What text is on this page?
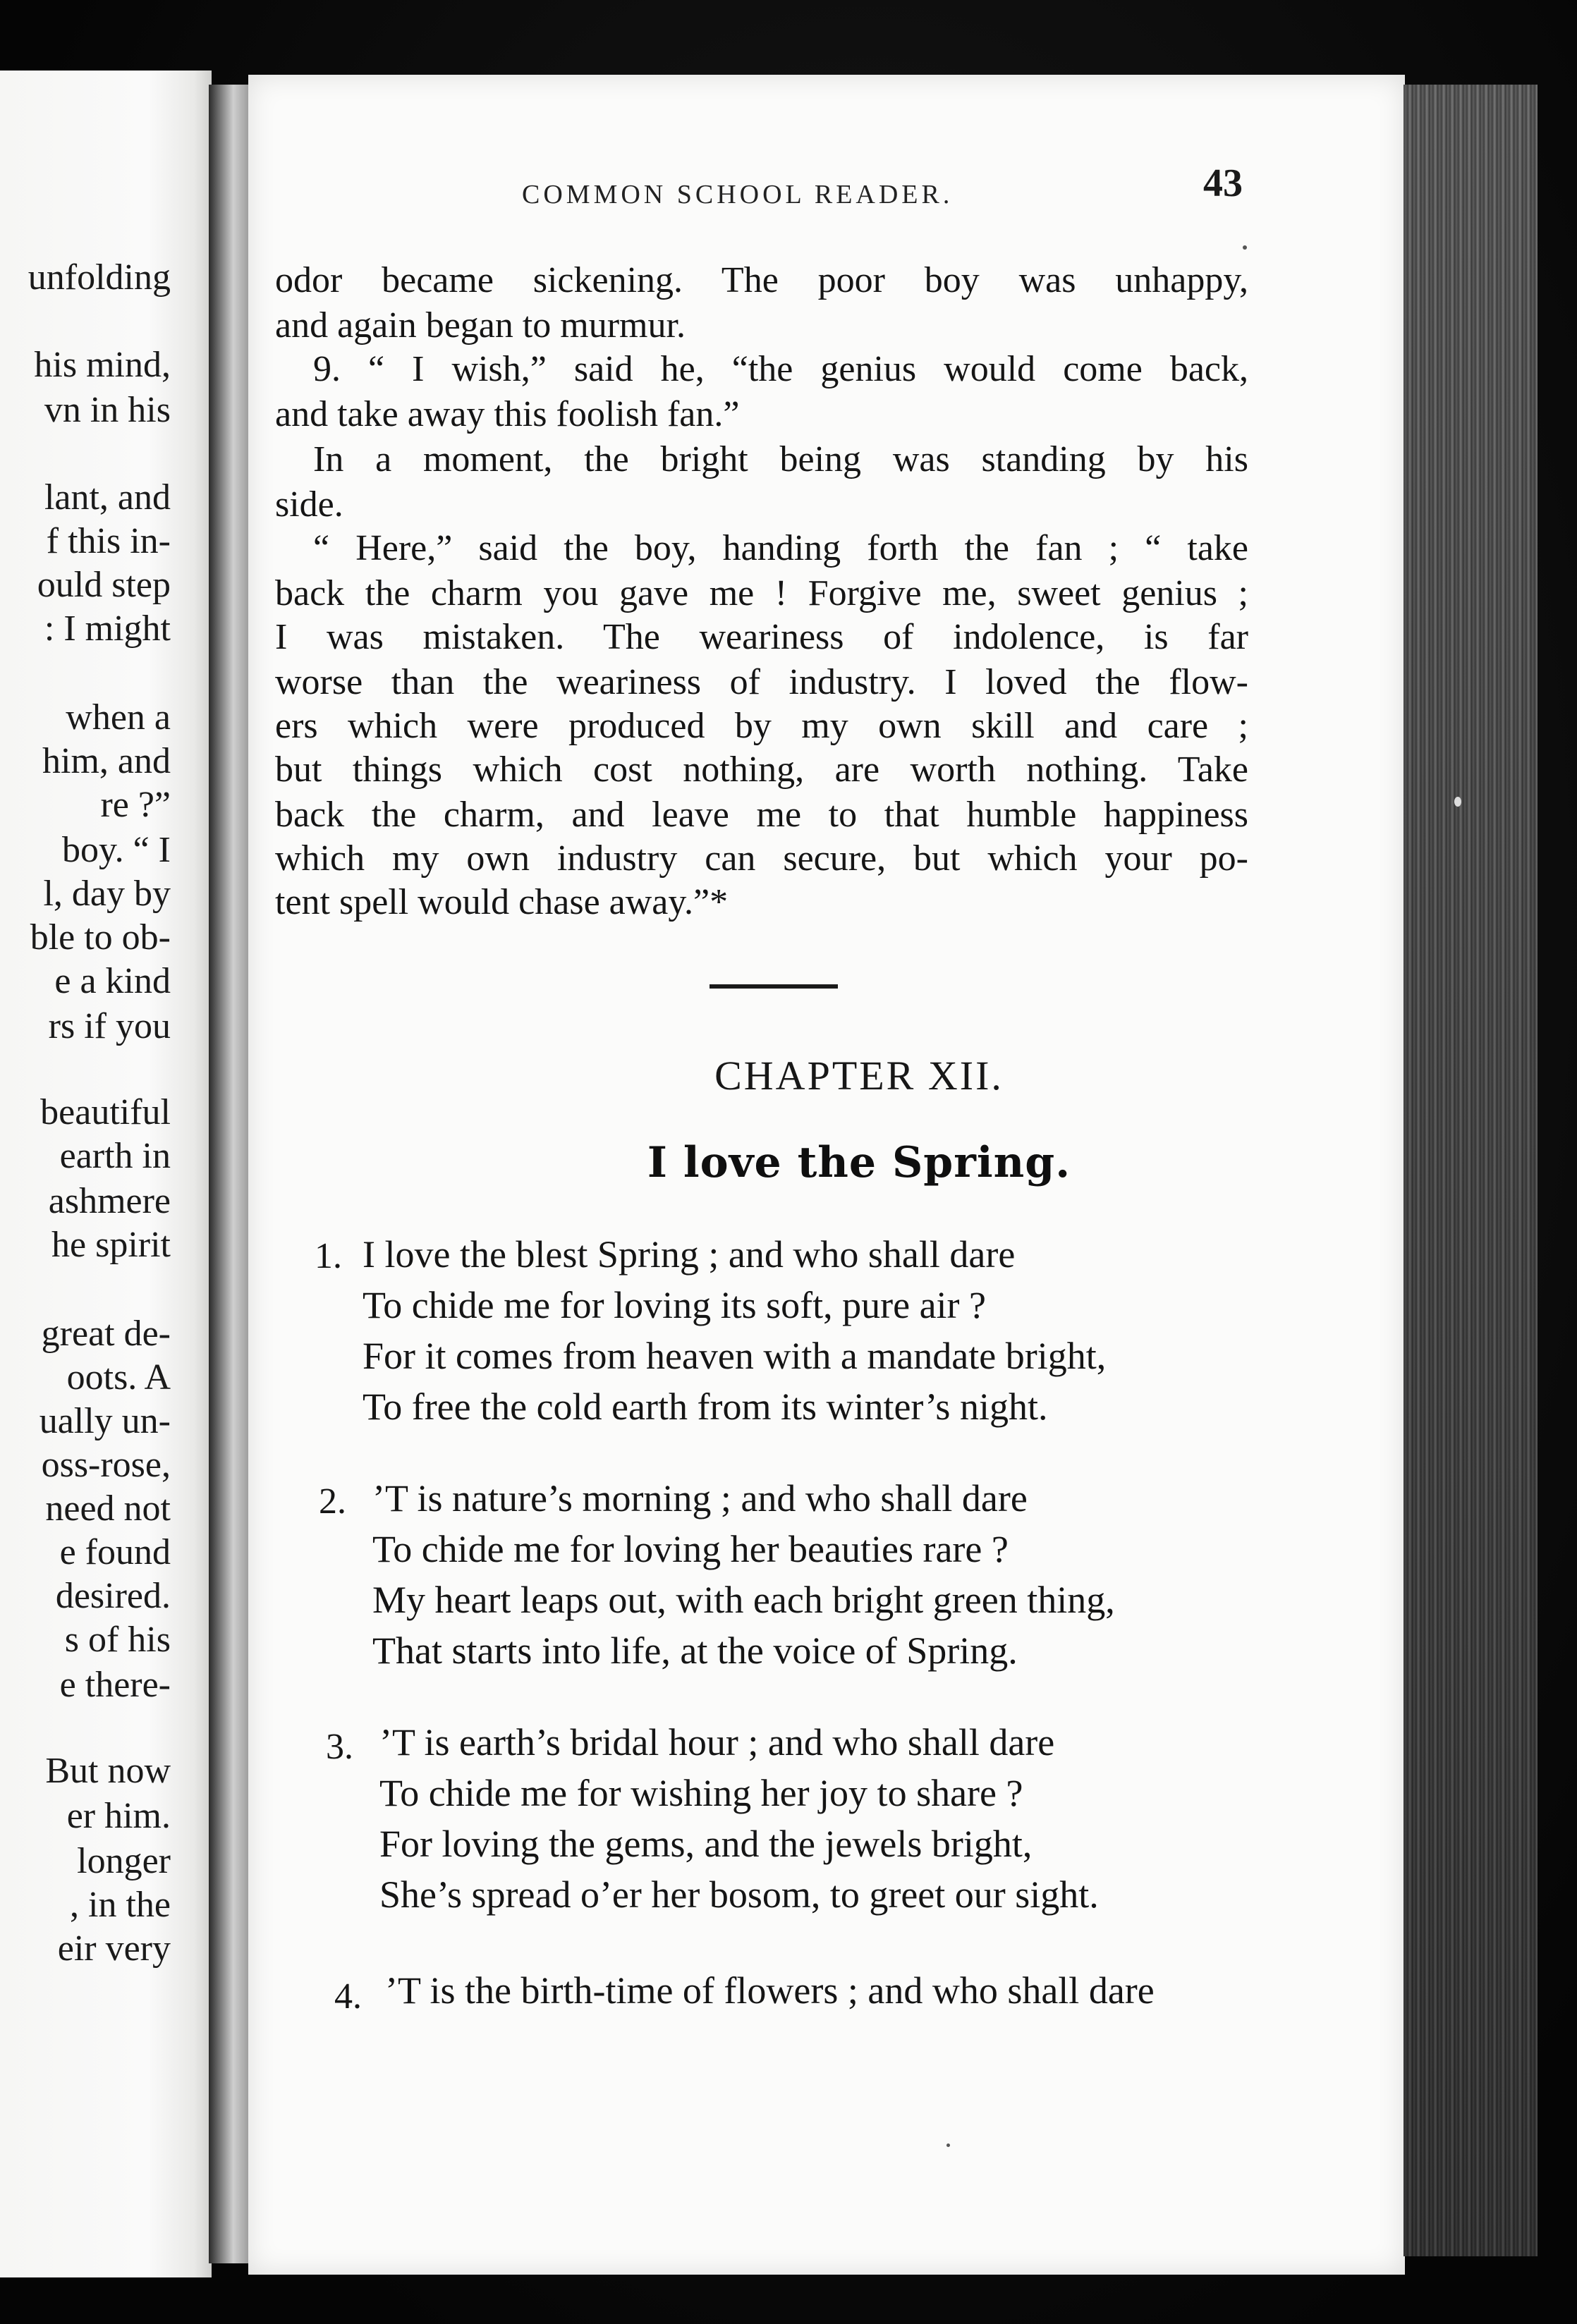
unfolding
his mind,
vn in his
lant, and
f this in-
ould step
: I might
when a
him, and
re ?”
boy. “ I
l, day by
ble to ob-
e a kind
rs if you
beautiful
earth in
ashmere
he spirit
great de-
oots. A
ually un-
oss-rose,
need not
e found
desired.
s of his
e there-
But now
er him.
longer
, in the
eir very
COMMON SCHOOL READER.	43
odor became sickening. The poor boy was unhappy,
and again began to murmur.
9. “ I wish,” said he, “the genius would come back,
and take away this foolish fan.”
In a moment, the bright being was standing by his
side.
“ Here,” said the boy, handing forth the fan ; “ take
back the charm you gave me ! Forgive me, sweet genius ;
I was mistaken. The weariness of indolence, is far
worse than the weariness of industry. I loved the flow-
ers which were produced by my own skill and care ;
but things which cost nothing, are worth nothing. Take
back the charm, and leave me to that humble happiness
which my own industry can secure, but which your po-
tent spell would chase away.”*
CHAPTER XII.
I love the Spring.
1. I love the blest Spring ; and who shall dare
To chide me for loving its soft, pure air ?
For it comes from heaven with a mandate bright,
To free the cold earth from its winter’s night.
2. ’T is nature’s morning ; and who shall dare
To chide me for loving her beauties rare ?
My heart leaps out, with each bright green thing,
That starts into life, at the voice of Spring.
3. ’T is earth’s bridal hour ; and who shall dare
To chide me for wishing her joy to share ?
For loving the gems, and the jewels bright,
She’s spread o’er her bosom, to greet our sight.
4. ’T is the birth-time of flowers ; and who shall dare
